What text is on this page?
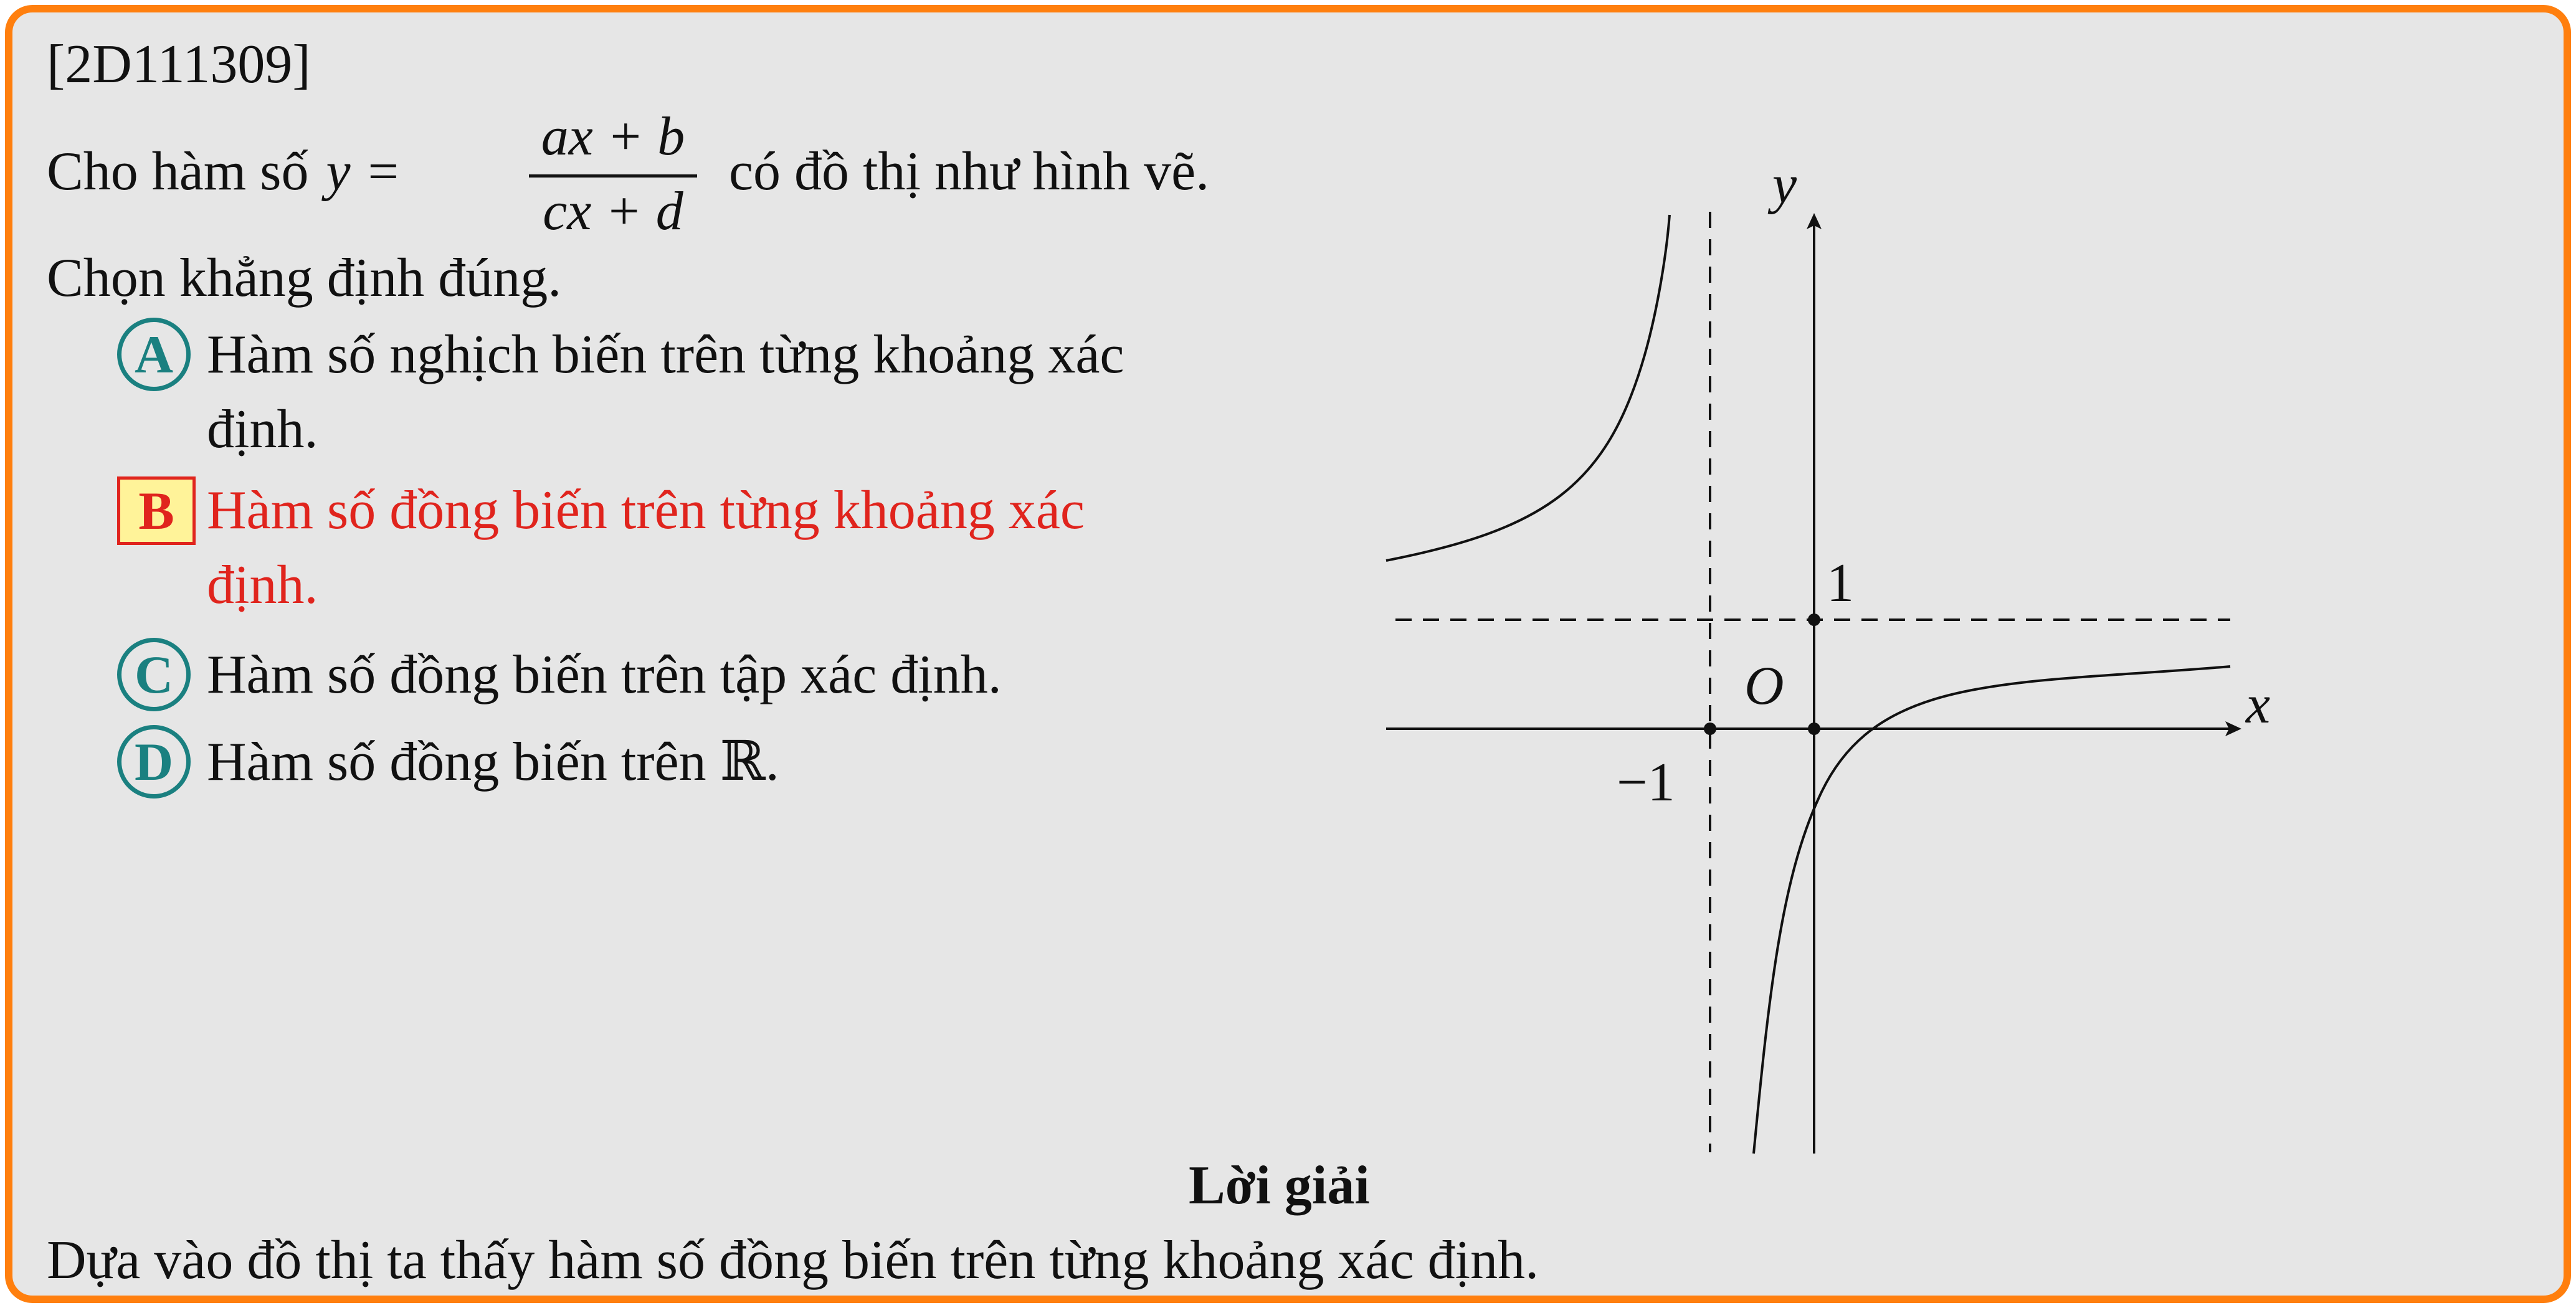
[2D111309]
Cho hàm số y =
ax + b
cx + d
có đồ thị như hình vẽ.
Chọn khẳng định đúng.
A Hàm số nghịch biến trên từng khoảng xác
định.
B Hàm số đồng biến trên từng khoảng xác
định.
C Hàm số đồng biến trên tập xác định.
D Hàm số đồng biến trên ℝ.
x
y
O
1
−1
Lời giải
Dựa vào đồ thị ta thấy hàm số đồng biến trên từng khoảng xác định.
